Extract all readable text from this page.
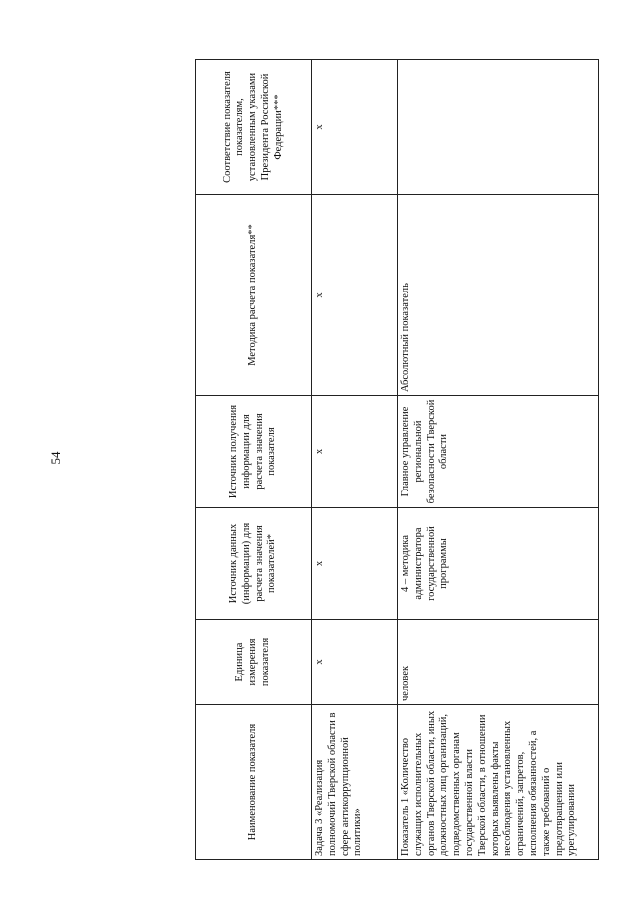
54
Наименование показателя	Единица измерения показателя	Источник данных (информации) для расчета значения показателей*	Источник получения информации для расчета значения показателя	Методика расчета показателя**	Соответствие показателя показателям, установленным указами Президента Российской Федерации***
Задача 3 «Реализация полномочий Тверской области в сфере антикоррупционной политики»	х	х	х	х	х
Показатель 1 «Количество служащих исполнительных органов Тверской области, иных должностных лиц организаций, подведомственных органам государственной власти Тверской области, в отношении которых выявлены факты несоблюдения установленных ограничений, запретов, исполнения обязанностей, а также требований о предотвращении или урегулировании	человек	4 – методика администратора государственной программы	Главное управление региональной безопасности Тверской области	Абсолютный показатель	
